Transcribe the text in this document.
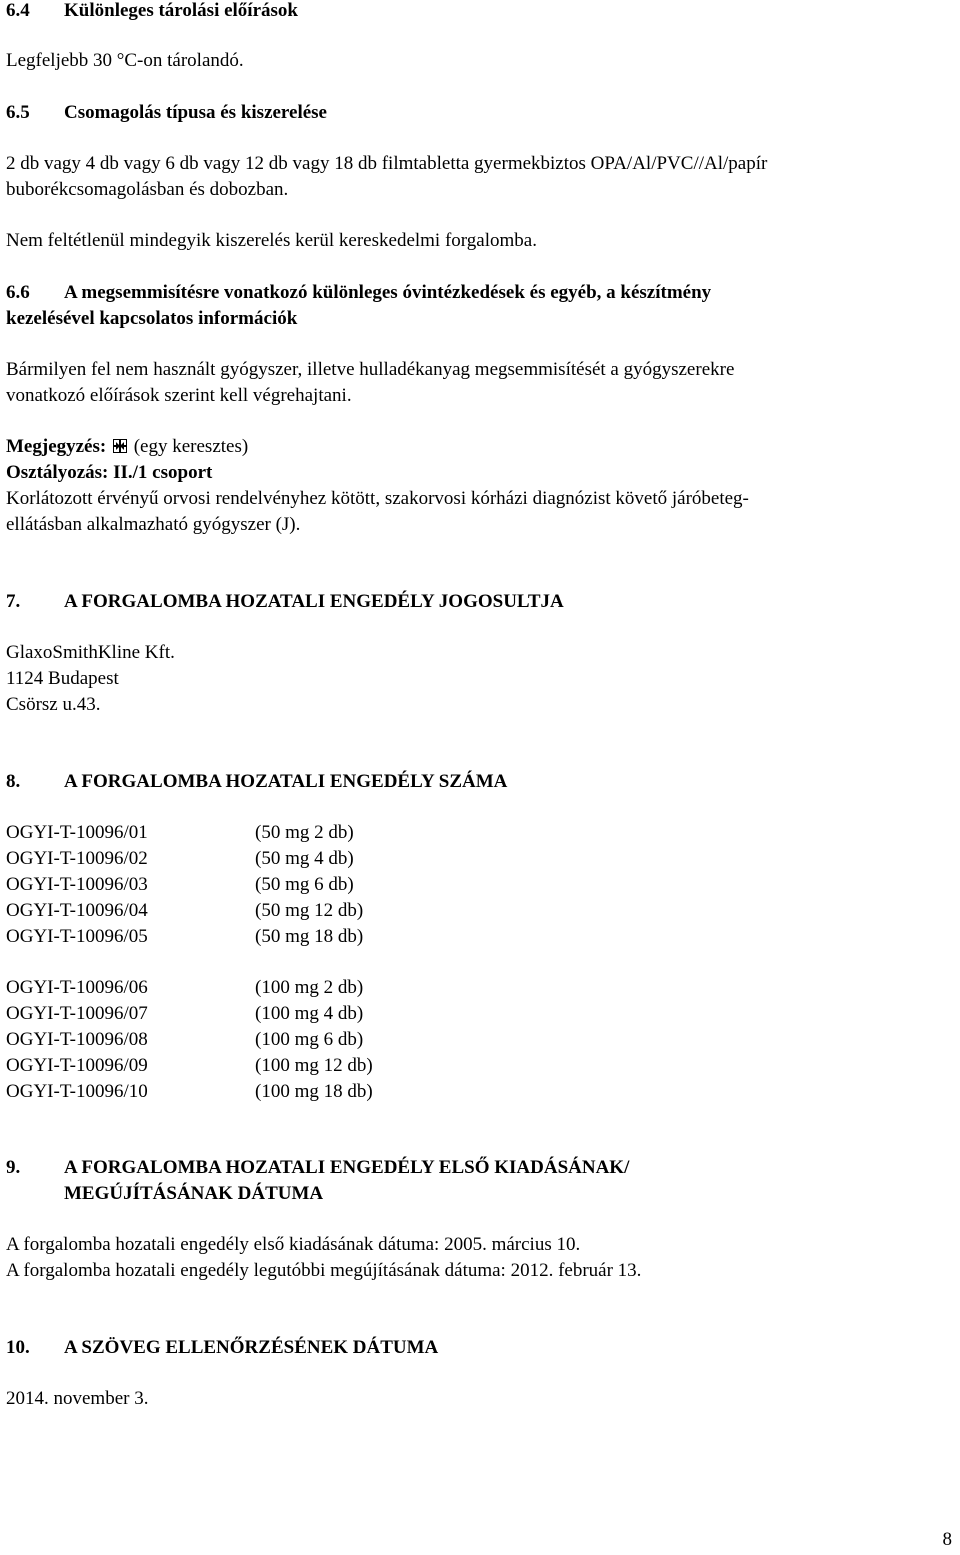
6.4 Különleges tárolási előírások
Legfeljebb 30 °C-on tárolandó.
6.5 Csomagolás típusa és kiszerelése
2 db vagy 4 db vagy 6 db vagy 12 db vagy 18 db filmtabletta gyermekbiztos OPA/Al/PVC//Al/papír
buborékcsomagolásban és dobozban.
Nem feltétlenül mindegyik kiszerelés kerül kereskedelmi forgalomba.
6.6 A megsemmisítésre vonatkozó különleges óvintézkedések és egyéb, a készítmény
kezelésével kapcsolatos információk
Bármilyen fel nem használt gyógyszer, illetve hulladékanyag megsemmisítését a gyógyszerekre
vonatkozó előírások szerint kell végrehajtani.
Megjegyzés: (egy keresztes)
Osztályozás: II./1 csoport
Korlátozott érvényű orvosi rendelvényhez kötött, szakorvosi kórházi diagnózist követő járóbeteg-
ellátásban alkalmazható gyógyszer (J).
7. A FORGALOMBA HOZATALI ENGEDÉLY JOGOSULTJA
GlaxoSmithKline Kft.
1124 Budapest
Csörsz u.43.
8. A FORGALOMBA HOZATALI ENGEDÉLY SZÁMA
OGYI-T-10096/01	(50 mg 2 db)
OGYI-T-10096/02	(50 mg 4 db)
OGYI-T-10096/03	(50 mg 6 db)
OGYI-T-10096/04	(50 mg 12 db)
OGYI-T-10096/05	(50 mg 18 db)
OGYI-T-10096/06	(100 mg 2 db)
OGYI-T-10096/07	(100 mg 4 db)
OGYI-T-10096/08	(100 mg 6 db)
OGYI-T-10096/09	(100 mg 12 db)
OGYI-T-10096/10	(100 mg 18 db)
9. A FORGALOMBA HOZATALI ENGEDÉLY ELSŐ KIADÁSÁNAK/
MEGÚJÍTÁSÁNAK DÁTUMA
A forgalomba hozatali engedély első kiadásának dátuma: 2005. március 10.
A forgalomba hozatali engedély legutóbbi megújításának dátuma: 2012. február 13.
10. A SZÖVEG ELLENŐRZÉSÉNEK DÁTUMA
2014. november 3.
8
